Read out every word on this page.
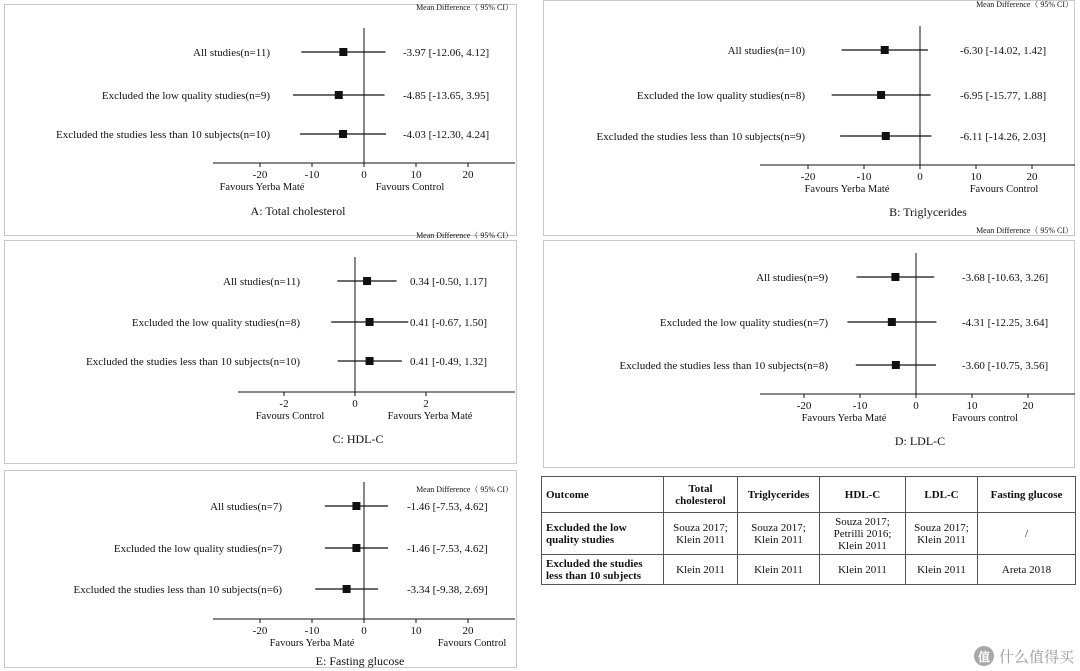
Mean Difference（ 95% CI）
All studies(n=11)	-3.97 [-12.06, 4.12]
Excluded the low quality studies(n=9)	-4.85 [-13.65, 3.95]
Excluded the studies less than 10 subjects(n=10)	-4.03 [-12.30, 4.24]
-20	-10	0	10	20
Favours Yerba Maté	Favours Control
A: Total cholesterol
Mean Difference（ 95% CI）
All studies(n=10)	-6.30 [-14.02, 1.42]
Excluded the low quality studies(n=8)	-6.95 [-15.77, 1.88]
Excluded the studies less than 10 subjects(n=9)	-6.11 [-14.26, 2.03]
-20	-10	0	10	20
Favours Yerba Maté	Favours Control
B: Triglycerides
Mean Difference（ 95% CI）
All studies(n=11)	0.34 [-0.50, 1.17]
Excluded the low quality studies(n=8)	0.41 [-0.67, 1.50]
Excluded the studies less than 10 subjects(n=10)	0.41 [-0.49, 1.32]
-2	0	2
Favours Control	Favours Yerba Maté
C: HDL-C
Mean Difference（ 95% CI）
All studies(n=9)	-3.68 [-10.63, 3.26]
Excluded the low quality studies(n=7)	-4.31 [-12.25, 3.64]
Excluded the studies less than 10 subjects(n=8)	-3.60 [-10.75, 3.56]
-20	-10	0	10	20
Favours Yerba Maté	Favours control
D: LDL-C
Mean Difference（ 95% CI）
All studies(n=7)	-1.46 [-7.53, 4.62]
Excluded the low quality studies(n=7)	-1.46 [-7.53, 4.62]
Excluded the studies less than 10 subjects(n=6)	-3.34 [-9.38, 2.69]
-20	-10	0	10	20
Favours Yerba Maté	Favours Control
E: Fasting glucose
Outcome	Total cholesterol	Triglycerides	HDL-C	LDL-C	Fasting glucose
Excluded the low quality studies	Souza 2017; Klein 2011	Souza 2017; Klein 2011	Souza 2017; Petrilli 2016; Klein 2011	Souza 2017; Klein 2011	/
Excluded the studies less than 10 subjects	Klein 2011	Klein 2011	Klein 2011	Klein 2011	Areta 2018
值 什么值得买
